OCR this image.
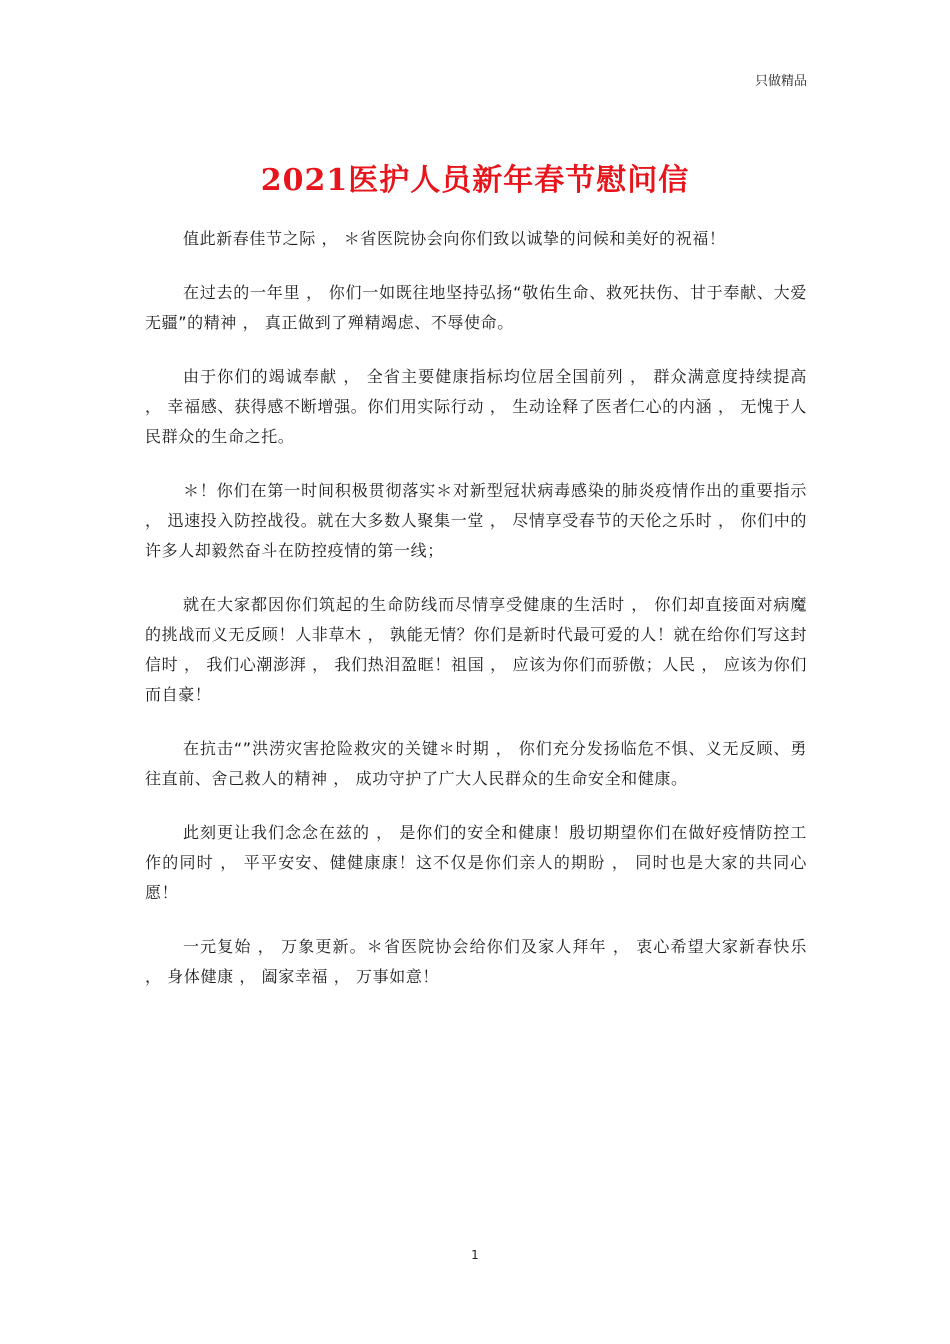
只做精品
2021医护人员新年春节慰问信

值此新春佳节之际 ， ＊省医院协会向你们致以诚挚的问候和美好的祝福！

在过去的一年里 ， 你们一如既往地坚持弘扬“敬佑生命、救死扶伤、甘于奉献、大爱无疆”的精神 ， 真正做到了殚精竭虑、不辱使命。

由于你们的竭诚奉献 ， 全省主要健康指标均位居全国前列 ， 群众满意度持续提高 ， 幸福感、获得感不断增强。你们用实际行动 ， 生动诠释了医者仁心的内涵 ， 无愧于人民群众的生命之托。

＊！你们在第一时间积极贯彻落实＊对新型冠状病毒感染的肺炎疫情作出的重要指示 ， 迅速投入防控战役。就在大多数人聚集一堂 ， 尽情享受春节的天伦之乐时 ， 你们中的许多人却毅然奋斗在防控疫情的第一线；

就在大家都因你们筑起的生命防线而尽情享受健康的生活时 ， 你们却直接面对病魔的挑战而义无反顾！人非草木 ， 孰能无情？你们是新时代最可爱的人！就在给你们写这封信时 ， 我们心潮澎湃 ， 我们热泪盈眶！祖国 ， 应该为你们而骄傲；人民 ， 应该为你们而自豪！

在抗击“”洪涝灾害抢险救灾的关键＊时期 ， 你们充分发扬临危不惧、义无反顾、勇往直前、舍己救人的精神 ， 成功守护了广大人民群众的生命安全和健康。

此刻更让我们念念在兹的 ， 是你们的安全和健康！殷切期望你们在做好疫情防控工作的同时 ， 平平安安、健健康康！这不仅是你们亲人的期盼 ， 同时也是大家的共同心愿！

一元复始 ， 万象更新。＊省医院协会给你们及家人拜年 ， 衷心希望大家新春快乐 ， 身体健康 ， 阖家幸福 ， 万事如意！

1
